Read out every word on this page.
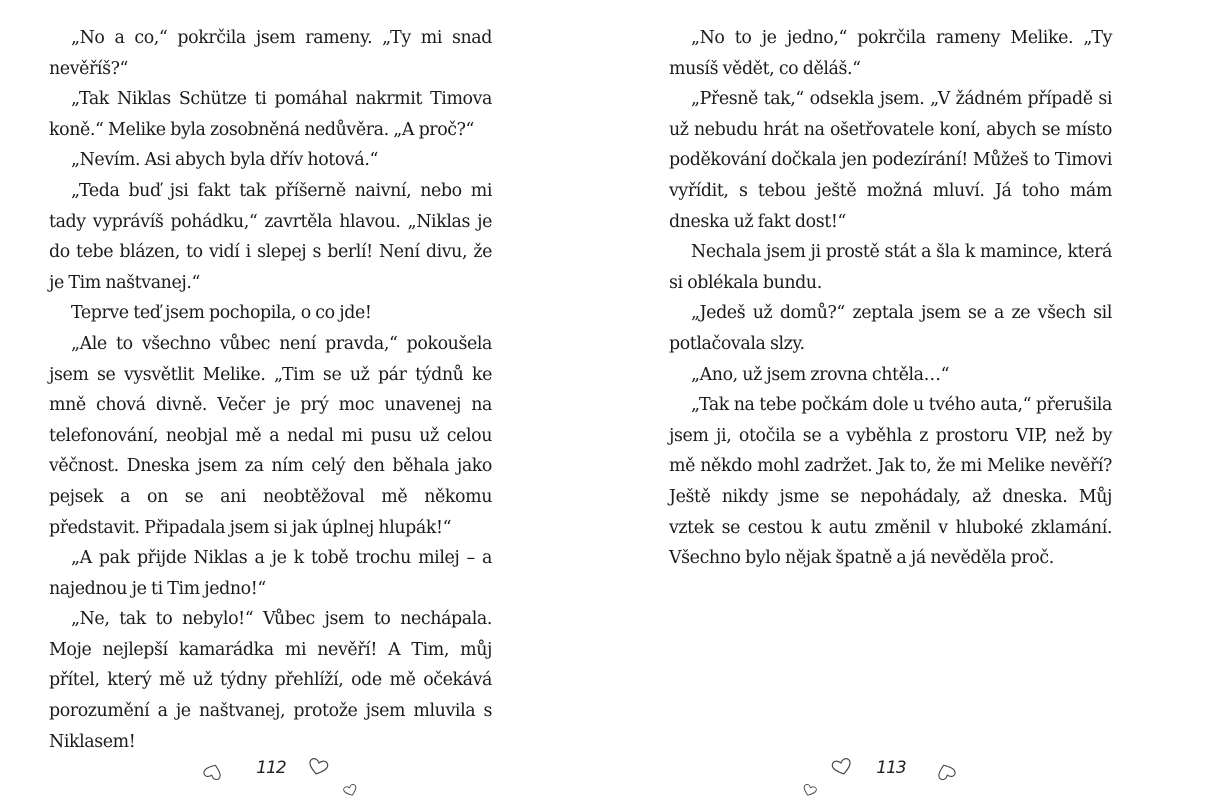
„No a co,“ pokrčila jsem rameny. „Ty mi snad nevěříš?“

„Tak Niklas Schütze ti pomáhal nakrmit Timova koně.“ Melike byla zosobněná nedůvěra. „A proč?“

„Nevím. Asi abych byla dřív hotová.“

„Teda buď jsi fakt tak příšerně naivní, nebo mi tady vyprávíš pohádku,“ zavrtěla hlavou. „Niklas je do tebe blázen, to vidí i slepej s berlí! Není divu, že je Tim naštvanej.“

Teprve teď jsem pochopila, o co jde!

„Ale to všechno vůbec není pravda,“ pokoušela jsem se vysvětlit Melike. „Tim se už pár týdnů ke mně chová divně. Večer je prý moc unavenej na telefonování, neobjal mě a nedal mi pusu už celou věčnost. Dneska jsem za ním celý den běhala jako pejsek a on se ani neobtěžoval mě někomu představit. Připadala jsem si jak úplnej hlupák!“

„A pak přijde Niklas a je k tobě trochu milej – a najednou je ti Tim jedno!“

„Ne, tak to nebylo!“ Vůbec jsem to nechápala. Moje nejlepší kamarádka mi nevěří! A Tim, můj přítel, který mě už týdny přehlíží, ode mě očekává porozumění a je naštvanej, protože jsem mluvila s Niklasem!

112

„No to je jedno,“ pokrčila rameny Melike. „Ty musíš vědět, co děláš.“

„Přesně tak,“ odsekla jsem. „V žádném případě si už nebudu hrát na ošetřovatele koní, abych se místo poděkování dočkala jen podezírání! Můžeš to Timovi vyřídit, s tebou ještě možná mluví. Já toho mám dneska už fakt dost!“

Nechala jsem ji prostě stát a šla k mamince, která si oblékala bundu.

„Jedeš už domů?“ zeptala jsem se a ze všech sil potlačovala slzy.

„Ano, už jsem zrovna chtěla…“

„Tak na tebe počkám dole u tvého auta,“ přerušila jsem ji, otočila se a vyběhla z prostoru VIP, než by mě někdo mohl zadržet. Jak to, že mi Melike nevěří? Ještě nikdy jsme se nepohádaly, až dneska. Můj vztek se cestou k autu změnil v hluboké zklamání. Všechno bylo nějak špatně a já nevěděla proč.

113
